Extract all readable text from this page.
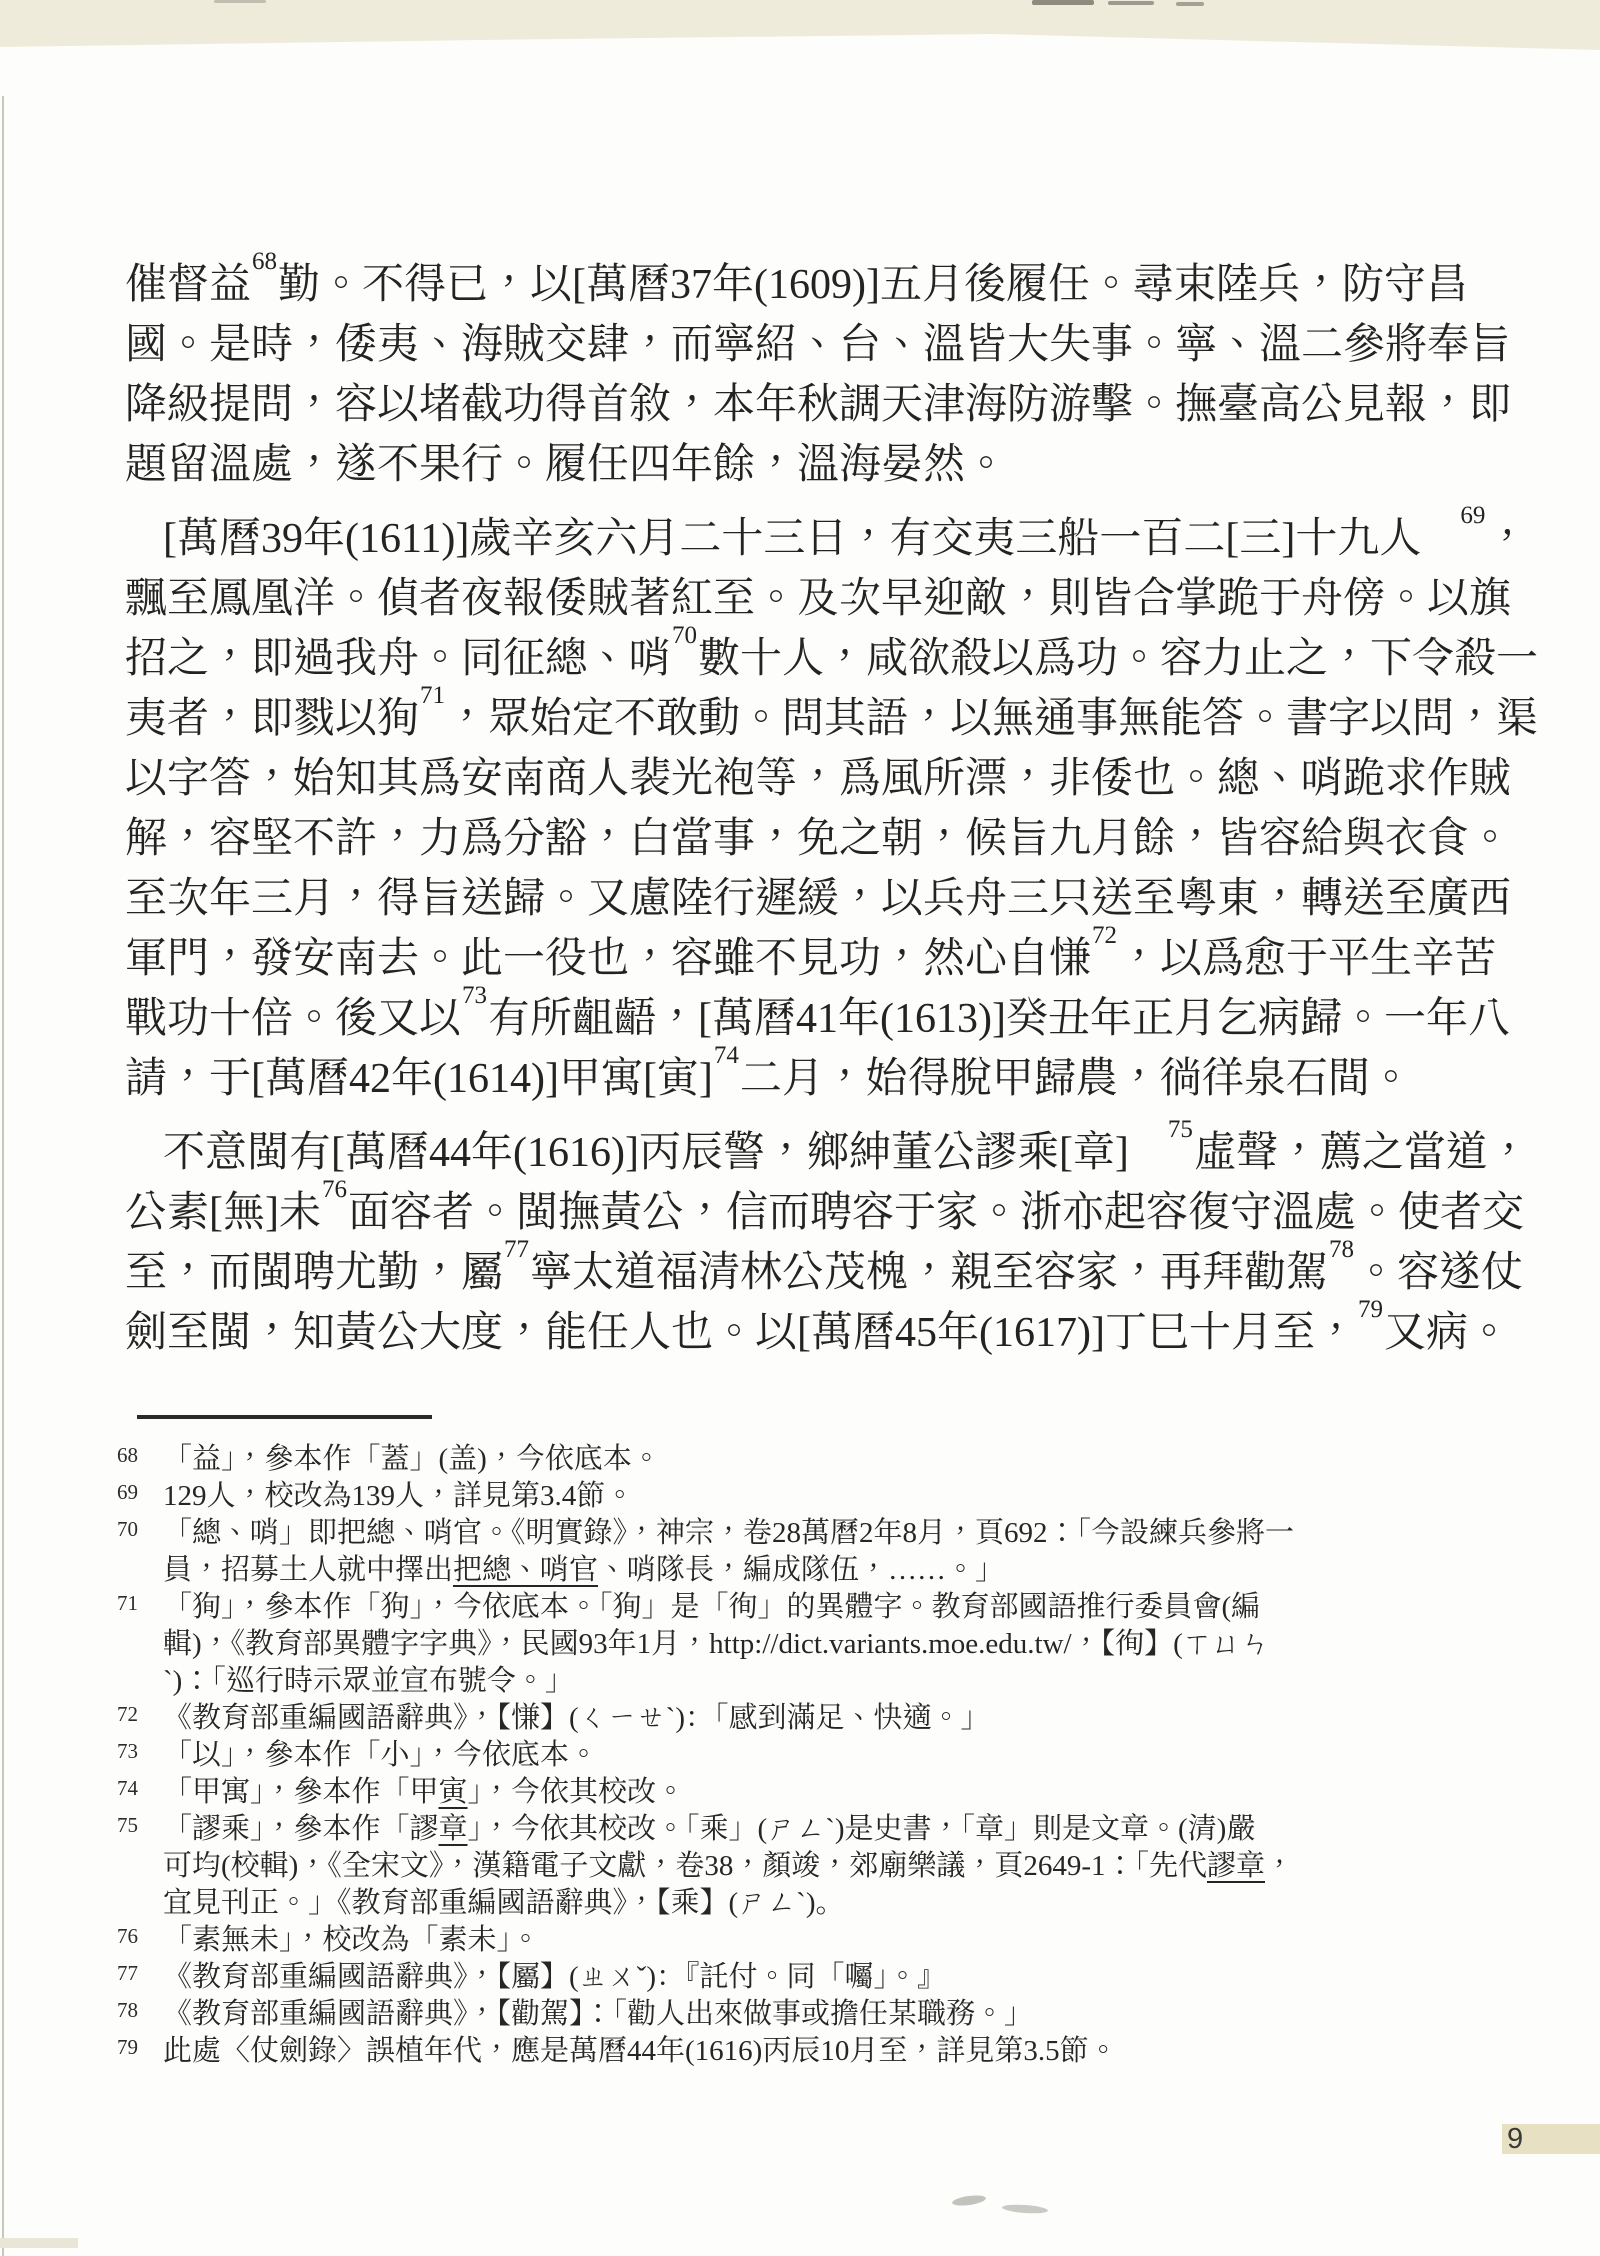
催督益$^{68}$勤。不得已，以[萬曆37年(1609)]五月後履任。尋束陸兵，防守昌
國。是時，倭夷、海賊交肆，而寧紹、台、溫皆大失事。寧、溫二參將奉旨
降級提問，容以堵截功得首敘，本年秋調天津海防游擊。撫臺高公見報，即
題留溫處，遂不果行。履任四年餘，溫海晏然。
[萬曆39年(1611)]歲辛亥六月二十三日，有交夷三船一百二[三]十九人$^{69}$，
飄至鳳凰洋。偵者夜報倭賊著紅至。及次早迎敵，則皆合掌跪于舟傍。以旗
招之，即過我舟。同征總、哨$^{70}$數十人，咸欲殺以爲功。容力止之，下令殺一
夷者，即戮以狥$^{71}$，眾始定不敢動。問其語，以無通事無能答。書字以問，渠
以字答，始知其爲安南商人裴光袍等，爲風所漂，非倭也。總、哨跪求作賊
解，容堅不許，力爲分豁，白當事，免之朝，候旨九月餘，皆容給與衣食。
至次年三月，得旨送歸。又慮陸行遲緩，以兵舟三只送至粵東，轉送至廣西
軍門，發安南去。此一役也，容雖不見功，然心自慊$^{72}$，以爲愈于平生辛苦
戰功十倍。後又以$^{73}$有所齟齬，[萬曆41年(1613)]癸丑年正月乞病歸。一年八
請，于[萬曆42年(1614)]甲寓[寅]$^{74}$二月，始得脫甲歸農，徜徉泉石間。
不意閩有[萬曆44年(1616)]丙辰警，鄉紳董公謬乘[章]$^{75}$虛聲，薦之當道，
公素[無]未$^{76}$面容者。閩撫黃公，信而聘容于家。浙亦起容復守溫處。使者交
至，而閩聘尤勤，屬$^{77}$寧太道福清林公茂槐，親至容家，再拜勸駕$^{78}$。容遂仗
劍至閩，知黃公大度，能任人也。以[萬曆45年(1617)]丁巳十月至，$^{79}$又病。
68 「益」，參本作「蓋」(盖)，今依底本。
69 129人，校改為139人，詳見第3.4節。
70 「總、哨」即把總、哨官。《明實錄》，神宗，卷28萬曆2年8月，頁692：「今設練兵參將一
員，招募土人就中擇出把總、哨官、哨隊長，編成隊伍，……。」
71 「狥」，參本作「狗」，今依底本。「狥」是「徇」的異體字。教育部國語推行委員會(編
輯)，《教育部異體字字典》，民國93年1月，http://dict.variants.moe.edu.tw/，【徇】(ㄒㄩㄣ
ˋ)：「巡行時示眾並宣布號令。」
72 《教育部重編國語辭典》，【慊】(ㄑㄧㄝˋ)：「感到滿足、快適。」
73 「以」，參本作「小」，今依底本。
74 「甲寓」，參本作「甲寅」，今依其校改。
75 「謬乘」，參本作「謬章」，今依其校改。「乘」(ㄕㄥˋ)是史書，「章」則是文章。(清)嚴
可均(校輯)，《全宋文》，漢籍電子文獻，卷38，顏竣，郊廟樂議，頁2649-1：「先代謬章，
宜見刊正。」《教育部重編國語辭典》，【乘】(ㄕㄥˋ)。
76 「素無未」，校改為「素未」。
77 《教育部重編國語辭典》，【屬】(ㄓㄨˇ)：『託付。同「囑」。』
78 《教育部重編國語辭典》，【勸駕】：「勸人出來做事或擔任某職務。」
79 此處〈仗劍錄〉誤植年代，應是萬曆44年(1616)丙辰10月至，詳見第3.5節。
9
